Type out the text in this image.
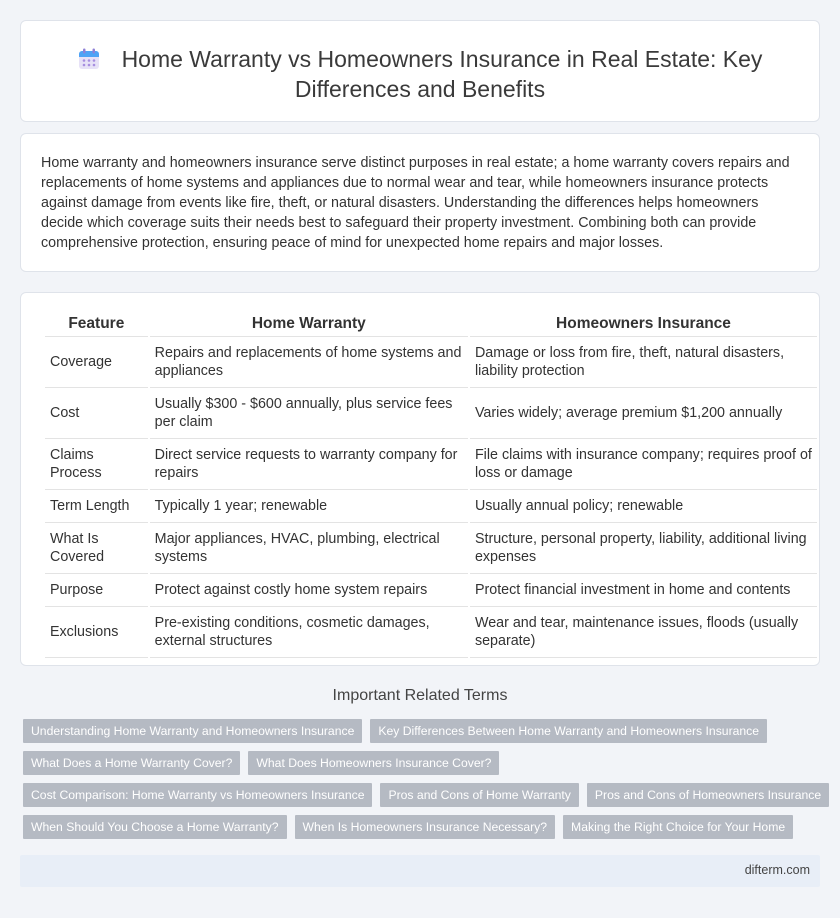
Home Warranty vs Homeowners Insurance in Real Estate: Key
Differences and Benefits

Home warranty and homeowners insurance serve distinct purposes in real estate; a home warranty covers repairs and replacements of home systems and appliances due to normal wear and tear, while homeowners insurance protects against damage from events like fire, theft, or natural disasters. Understanding the differences helps homeowners decide which coverage suits their needs best to safeguard their property investment. Combining both can provide comprehensive protection, ensuring peace of mind for unexpected home repairs and major losses.

Feature	Home Warranty	Homeowners Insurance
Coverage	Repairs and replacements of home systems and appliances	Damage or loss from fire, theft, natural disasters, liability protection
Cost	Usually $300 - $600 annually, plus service fees per claim	Varies widely; average premium $1,200 annually
Claims Process	Direct service requests to warranty company for repairs	File claims with insurance company; requires proof of loss or damage
Term Length	Typically 1 year; renewable	Usually annual policy; renewable
What Is Covered	Major appliances, HVAC, plumbing, electrical systems	Structure, personal property, liability, additional living expenses
Purpose	Protect against costly home system repairs	Protect financial investment in home and contents
Exclusions	Pre-existing conditions, cosmetic damages, external structures	Wear and tear, maintenance issues, floods (usually separate)
Important Related Terms
Understanding Home Warranty and Homeowners Insurance	Key Differences Between Home Warranty and Homeowners Insurance
What Does a Home Warranty Cover?	What Does Homeowners Insurance Cover?
Cost Comparison: Home Warranty vs Homeowners Insurance	Pros and Cons of Home Warranty	Pros and Cons of Homeowners Insurance
When Should You Choose a Home Warranty?	When Is Homeowners Insurance Necessary?	Making the Right Choice for Your Home
difterm.com
